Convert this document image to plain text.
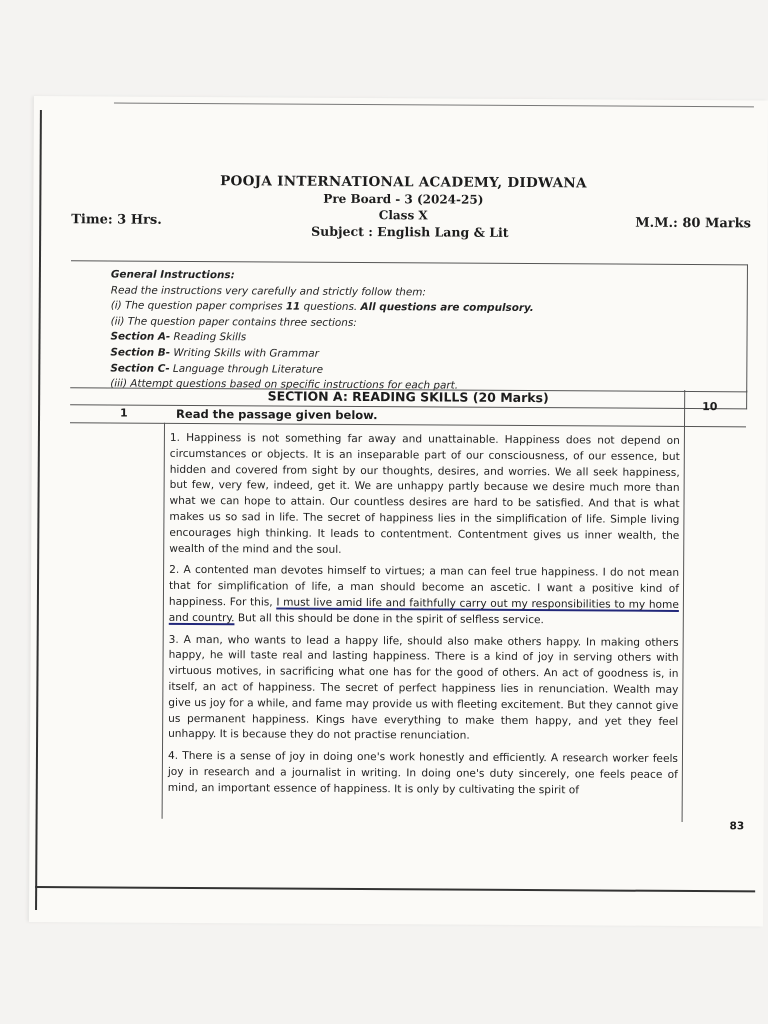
POOJA INTERNATIONAL ACADEMY, DIDWANA
Pre Board - 3 (2024-25)
Class X
Time: 3 Hrs.
Subject : English Lang & Lit
M.M.: 80 Marks
General Instructions:
Read the instructions very carefully and strictly follow them:
(i) The question paper comprises 11 questions. All questions are compulsory.
(ii) The question paper contains three sections:
Section A- Reading Skills
Section B- Writing Skills with Grammar
Section C- Language through Literature
(iii) Attempt questions based on specific instructions for each part.
SECTION A: READING SKILLS (20 Marks)
1	Read the passage given below.
10

1. Happiness is not something far away and unattainable. Happiness does not depend on circumstances or objects. It is an inseparable part of our consciousness, of our essence, but hidden and covered from sight by our thoughts, desires, and worries. We all seek happiness, but few, very few, indeed, get it. We are unhappy partly because we desire much more than what we can hope to attain. Our countless desires are hard to be satisfied. And that is what makes us so sad in life. The secret of happiness lies in the simplification of life. Simple living encourages high thinking. It leads to contentment. Contentment gives us inner wealth, the wealth of the mind and the soul.

2. A contented man devotes himself to virtues; a man can feel true happiness. I do not mean that for simplification of life, a man should become an ascetic. I want a positive kind of happiness. For this, I must live amid life and faithfully carry out my responsibilities to my home and country. But all this should be done in the spirit of selfless service.

3. A man, who wants to lead a happy life, should also make others happy. In making others happy, he will taste real and lasting happiness. There is a kind of joy in serving others with virtuous motives, in sacrificing what one has for the good of others. An act of goodness is, in itself, an act of happiness. The secret of perfect happiness lies in renunciation. Wealth may give us joy for a while, and fame may provide us with fleeting excitement. But they cannot give us permanent happiness. Kings have everything to make them happy, and yet they feel unhappy. It is because they do not practise renunciation.

4. There is a sense of joy in doing one's work honestly and efficiently. A research worker feels joy in research and a journalist in writing. In doing one's duty sincerely, one feels peace of mind, an important essence of happiness. It is only by cultivating the spirit of

83
